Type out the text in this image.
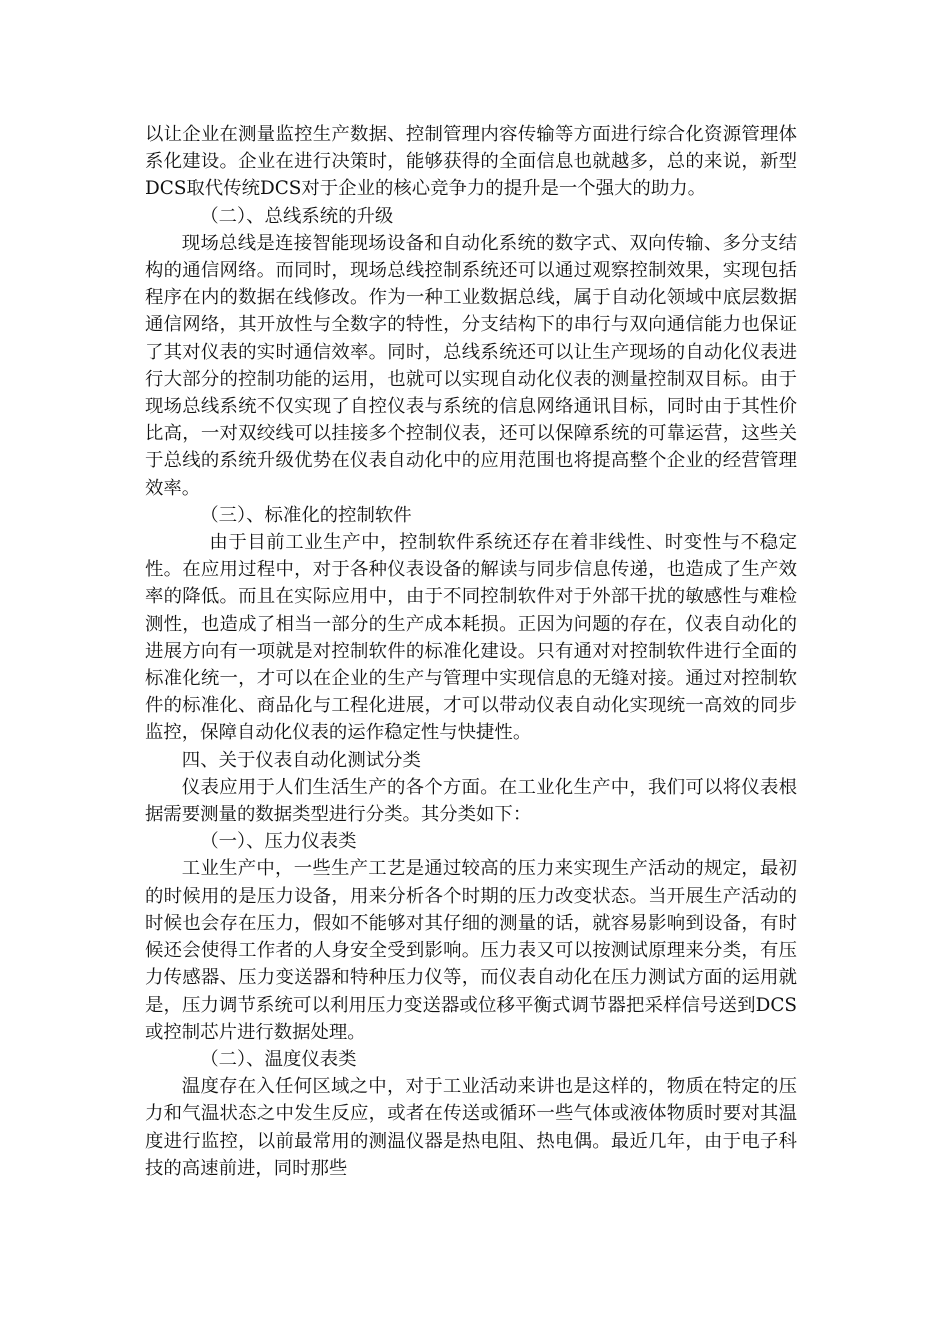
以让企业在测量监控生产数据、控制管理内容传输等方面进行综合化资源管理体系化建设。企业在进行决策时，能够获得的全面信息也就越多，总的来说，新型DCS取代传统DCS对于企业的核心竞争力的提升是一个强大的助力。

（二）、总线系统的升级

现场总线是连接智能现场设备和自动化系统的数字式、双向传输、多分支结构的通信网络。而同时，现场总线控制系统还可以通过观察控制效果，实现包括程序在内的数据在线修改。作为一种工业数据总线，属于自动化领域中底层数据通信网络，其开放性与全数字的特性，分支结构下的串行与双向通信能力也保证了其对仪表的实时通信效率。同时，总线系统还可以让生产现场的自动化仪表进行大部分的控制功能的运用，也就可以实现自动化仪表的测量控制双目标。由于现场总线系统不仅实现了自控仪表与系统的信息网络通讯目标，同时由于其性价比高，一对双绞线可以挂接多个控制仪表，还可以保障系统的可靠运营，这些关于总线的系统升级优势在仪表自动化中的应用范围也将提高整个企业的经营管理效率。

（三）、标准化的控制软件

由于目前工业生产中，控制软件系统还存在着非线性、时变性与不稳定性。在应用过程中，对于各种仪表设备的解读与同步信息传递，也造成了生产效率的降低。而且在实际应用中，由于不同控制软件对于外部干扰的敏感性与难检测性，也造成了相当一部分的生产成本耗损。正因为问题的存在，仪表自动化的进展方向有一项就是对控制软件的标准化建设。只有通对对控制软件进行全面的标准化统一，才可以在企业的生产与管理中实现信息的无缝对接。通过对控制软件的标准化、商品化与工程化进展，才可以带动仪表自动化实现统一高效的同步监控，保障自动化仪表的运作稳定性与快捷性。

四、关于仪表自动化测试分类

仪表应用于人们生活生产的各个方面。在工业化生产中，我们可以将仪表根据需要测量的数据类型进行分类。其分类如下：

（一）、压力仪表类

工业生产中，一些生产工艺是通过较高的压力来实现生产活动的规定，最初的时候用的是压力设备，用来分析各个时期的压力改变状态。当开展生产活动的时候也会存在压力，假如不能够对其仔细的测量的话，就容易影响到设备，有时候还会使得工作者的人身安全受到影响。压力表又可以按测试原理来分类，有压力传感器、压力变送器和特种压力仪等，而仪表自动化在压力测试方面的运用就是，压力调节系统可以利用压力变送器或位移平衡式调节器把采样信号送到DCS或控制芯片进行数据处理。

（二）、温度仪表类

温度存在入任何区域之中，对于工业活动来讲也是这样的，物质在特定的压力和气温状态之中发生反应，或者在传送或循环一些气体或液体物质时要对其温度进行监控，以前最常用的测温仪器是热电阻、热电偶。最近几年，由于电子科技的高速前进，同时那些
